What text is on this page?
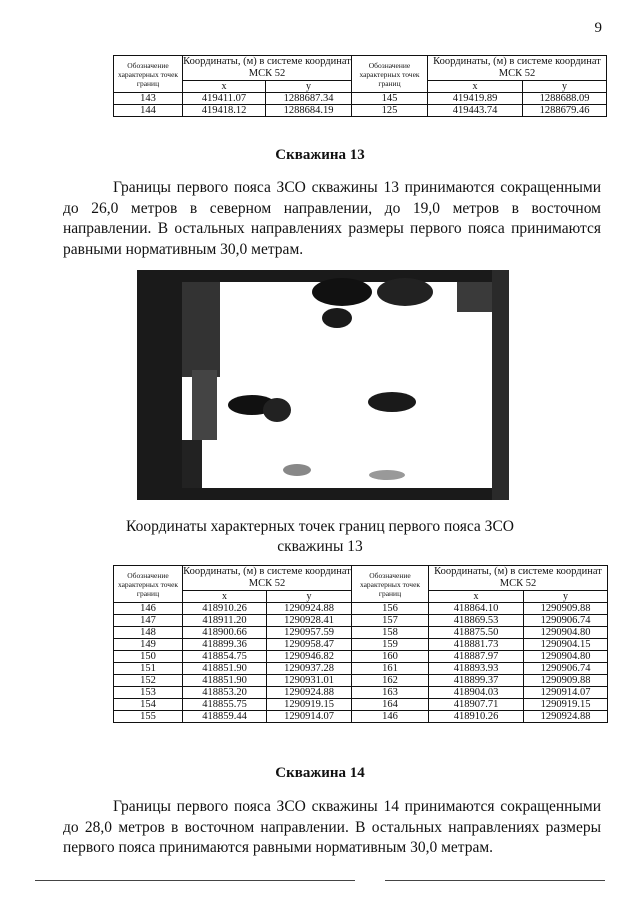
9
Обозначение характерных точек границ	Координаты, (м) в системе координат МСК 52		Обозначение характерных точек границ	Координаты, (м) в системе координат МСК 52	
	x	y		x	y
143	419411.07	1288687.34	145	419419.89	1288688.09
144	419418.12	1288684.19	125	419443.74	1288679.46
Скважина 13

Границы первого пояса ЗСО скважины 13 принимаются сокращенными до 26,0 метров в северном направлении, до 19,0 метров в восточном направлении. В остальных направлениях размеры первого пояса принимаются равными нормативным 30,0 метрам.

Координаты характерных точек границ первого пояса ЗСО скважины 13
Обозначение характерных точек границ	Координаты, (м) в системе координат МСК 52		Обозначение характерных точек границ	Координаты, (м) в системе координат МСК 52	
	x	y		x	y
146	418910.26	1290924.88	156	418864.10	1290909.88
147	418911.20	1290928.41	157	418869.53	1290906.74
148	418900.66	1290957.59	158	418875.50	1290904.80
149	418899.36	1290958.47	159	418881.73	1290904.15
150	418854.75	1290946.82	160	418887.97	1290904.80
151	418851.90	1290937.28	161	418893.93	1290906.74
152	418851.90	1290931.01	162	418899.37	1290909.88
153	418853.20	1290924.88	163	418904.03	1290914.07
154	418855.75	1290919.15	164	418907.71	1290919.15
155	418859.44	1290914.07	146	418910.26	1290924.88
Скважина 14

Границы первого пояса ЗСО скважины 14 принимаются сокращенными до 28,0 метров в восточном направлении. В остальных направлениях размеры первого пояса принимаются равными нормативным 30,0 метрам.
